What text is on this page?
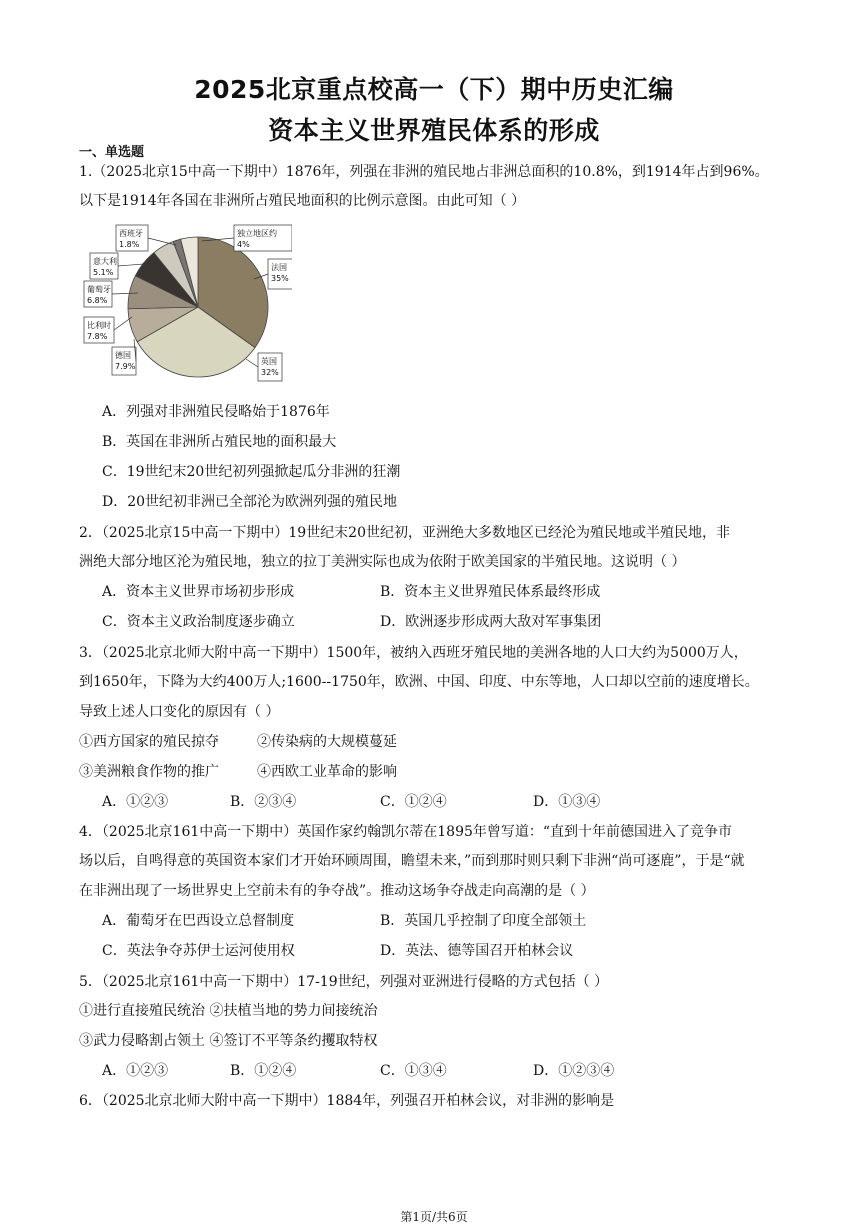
2025北京重点校高一（下）期中历史汇编
资本主义世界殖民体系的形成
一、单选题
1.（2025北京15中高一下期中）1876年，列强在非洲的殖民地占非洲总面积的10.8%，到1914年占到96%。
以下是1914年各国在非洲所占殖民地面积的比例示意图。由此可知（ ）
法国
35%
英国
32%
德国
7.9%
比利时
7.8%
葡萄牙
6.8%
意大利
5.1%
西班牙
1.8%
独立地区约
4%
A．列强对非洲殖民侵略始于1876年
B．英国在非洲所占殖民地的面积最大
C．19世纪末20世纪初列强掀起瓜分非洲的狂潮
D．20世纪初非洲已全部沦为欧洲列强的殖民地
2．（2025北京15中高一下期中）19世纪末20世纪初，亚洲绝大多数地区已经沦为殖民地或半殖民地，非
洲绝大部分地区沦为殖民地，独立的拉丁美洲实际也成为依附于欧美国家的半殖民地。这说明（ ）
A．资本主义世界市场初步形成	B．资本主义世界殖民体系最终形成
C．资本主义政治制度逐步确立	D．欧洲逐步形成两大敌对军事集团
3．（2025北京北师大附中高一下期中）1500年，被纳入西班牙殖民地的美洲各地的人口大约为5000万人，
到1650年，下降为大约400万人;1600--1750年，欧洲、中国、印度、中东等地，人口却以空前的速度增长。
导致上述人口变化的原因有（ ）
①西方国家的殖民掠夺	②传染病的大规模蔓延
③美洲粮食作物的推广	④西欧工业革命的影响
A．①②③	B．②③④	C．①②④	D．①③④
4．（2025北京161中高一下期中）英国作家约翰凯尔蒂在1895年曾写道：“直到十年前德国进入了竞争市
场以后，自鸣得意的英国资本家们才开始环顾周围，瞻望未来，”而到那时则只剩下非洲“尚可逐鹿”，于是“就
在非洲出现了一场世界史上空前未有的争夺战”。推动这场争夺战走向高潮的是（ ）
A．葡萄牙在巴西设立总督制度	B．英国几乎控制了印度全部领土
C．英法争夺苏伊士运河使用权	D．英法、德等国召开柏林会议
5．（2025北京161中高一下期中）17-19世纪，列强对亚洲进行侵略的方式包括（ ）
①进行直接殖民统治 ②扶植当地的势力间接统治
③武力侵略割占领土 ④签订不平等条约攫取特权
A．①②③	B．①②④	C．①③④	D．①②③④
6．（2025北京北师大附中高一下期中）1884年，列强召开柏林会议，对非洲的影响是
第1页/共6页
